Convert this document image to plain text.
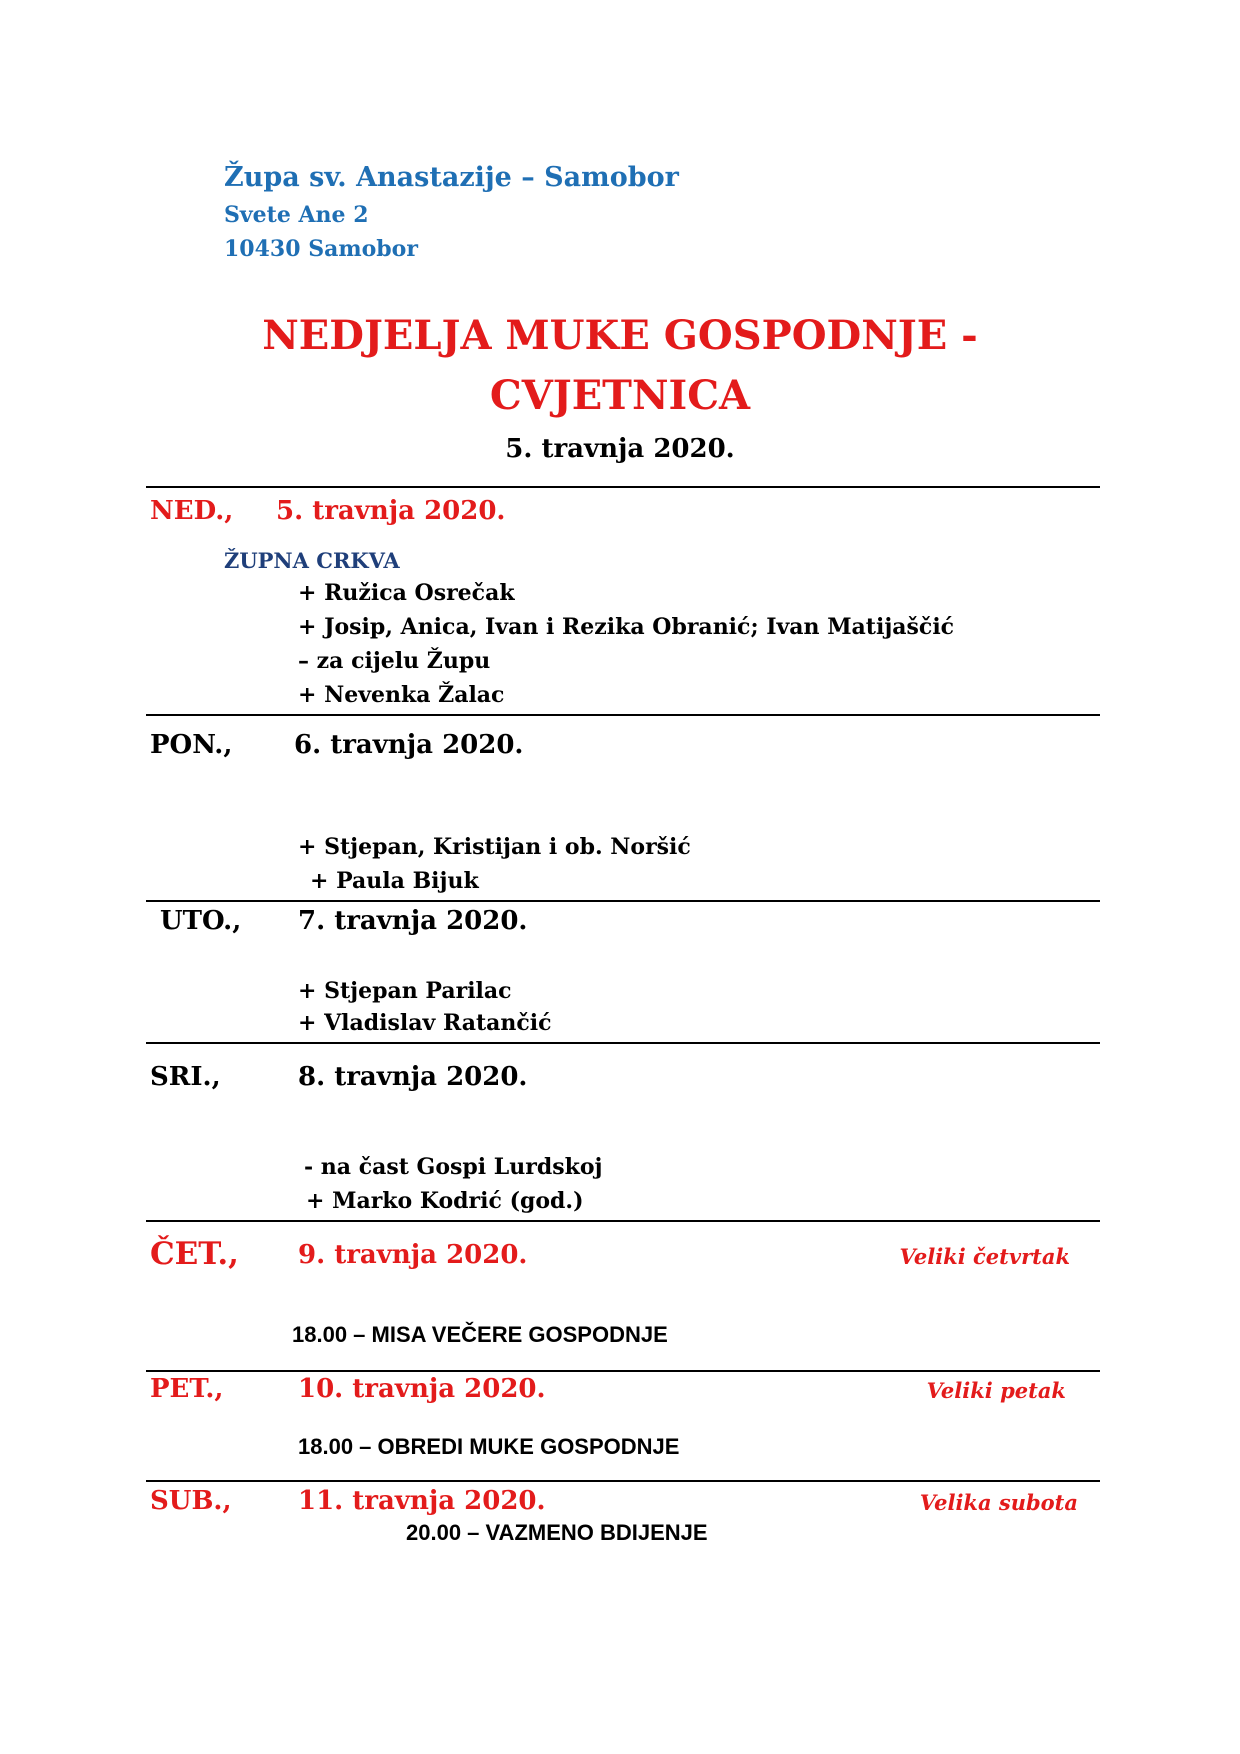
Župa sv. Anastazije – Samobor
Svete Ane 2
10430 Samobor
NEDJELJA MUKE GOSPODNJE -
CVJETNICA
5. travnja 2020.
NED., 5. travnja 2020.
ŽUPNA CRKVA
+ Ružica Osrečak
+ Josip, Anica, Ivan i Rezika Obranić; Ivan Matijaščić
– za cijelu Župu
+ Nevenka Žalac
PON., 6. travnja 2020.
+ Stjepan, Kristijan i ob. Noršić
+ Paula Bijuk
UTO., 7. travnja 2020.
+ Stjepan Parilac
+ Vladislav Ratančić
SRI.,	8. travnja 2020.
- na čast Gospi Lurdskoj
+ Marko Kodrić (god.)
ČET., 9. travnja 2020.	Veliki četvrtak
18.00 – MISA VEČERE GOSPODNJE
PET.,	10. travnja 2020.	Veliki petak
18.00 – OBREDI MUKE GOSPODNJE
SUB.,	11. travnja 2020.	Velika subota
20.00 – VAZMENO BDIJENJE
